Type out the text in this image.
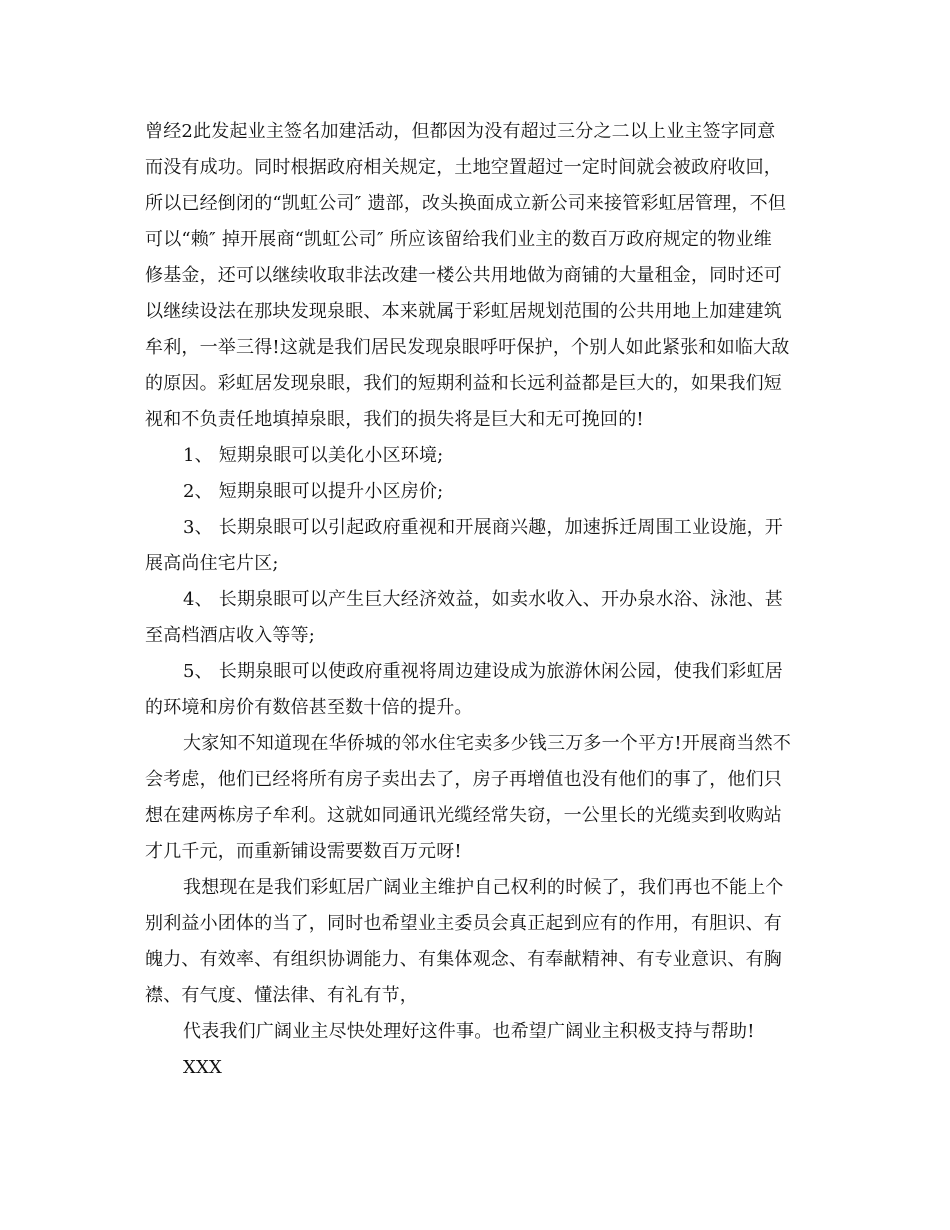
曾经2此发起业主签名加建活动，但都因为没有超过三分之二以上业主签字同意
而没有成功。同时根据政府相关规定，土地空置超过一定时间就会被政府收回，
所以已经倒闭的“凯虹公司″ 遗部，改头换面成立新公司来接管彩虹居管理，不但
可以“赖″ 掉开展商“凯虹公司″ 所应该留给我们业主的数百万政府规定的物业维
修基金，还可以继续收取非法改建一楼公共用地做为商铺的大量租金，同时还可
以继续设法在那块发现泉眼、本来就属于彩虹居规划范围的公共用地上加建建筑
牟利，一举三得!这就是我们居民发现泉眼呼吁保护，个别人如此紧张和如临大敌
的原因。彩虹居发现泉眼，我们的短期利益和长远利益都是巨大的，如果我们短
视和不负责任地填掉泉眼，我们的损失将是巨大和无可挽回的!

1、 短期泉眼可以美化小区环境;

2、 短期泉眼可以提升小区房价;

3、 长期泉眼可以引起政府重视和开展商兴趣，加速拆迁周围工业设施，开
展高尚住宅片区;

4、 长期泉眼可以产生巨大经济效益，如卖水收入、开办泉水浴、泳池、甚
至高档酒店收入等等;

5、 长期泉眼可以使政府重视将周边建设成为旅游休闲公园，使我们彩虹居
的环境和房价有数倍甚至数十倍的提升。

大家知不知道现在华侨城的邻水住宅卖多少钱三万多一个平方!开展商当然不
会考虑，他们已经将所有房子卖出去了，房子再增值也没有他们的事了，他们只
想在建两栋房子牟利。这就如同通讯光缆经常失窃，一公里长的光缆卖到收购站
才几千元，而重新铺设需要数百万元呀!

我想现在是我们彩虹居广阔业主维护自己权利的时候了，我们再也不能上个
别利益小团体的当了，同时也希望业主委员会真正起到应有的作用，有胆识、有
魄力、有效率、有组织协调能力、有集体观念、有奉献精神、有专业意识、有胸
襟、有气度、懂法律、有礼有节，

代表我们广阔业主尽快处理好这件事。也希望广阔业主积极支持与帮助!

XXX
